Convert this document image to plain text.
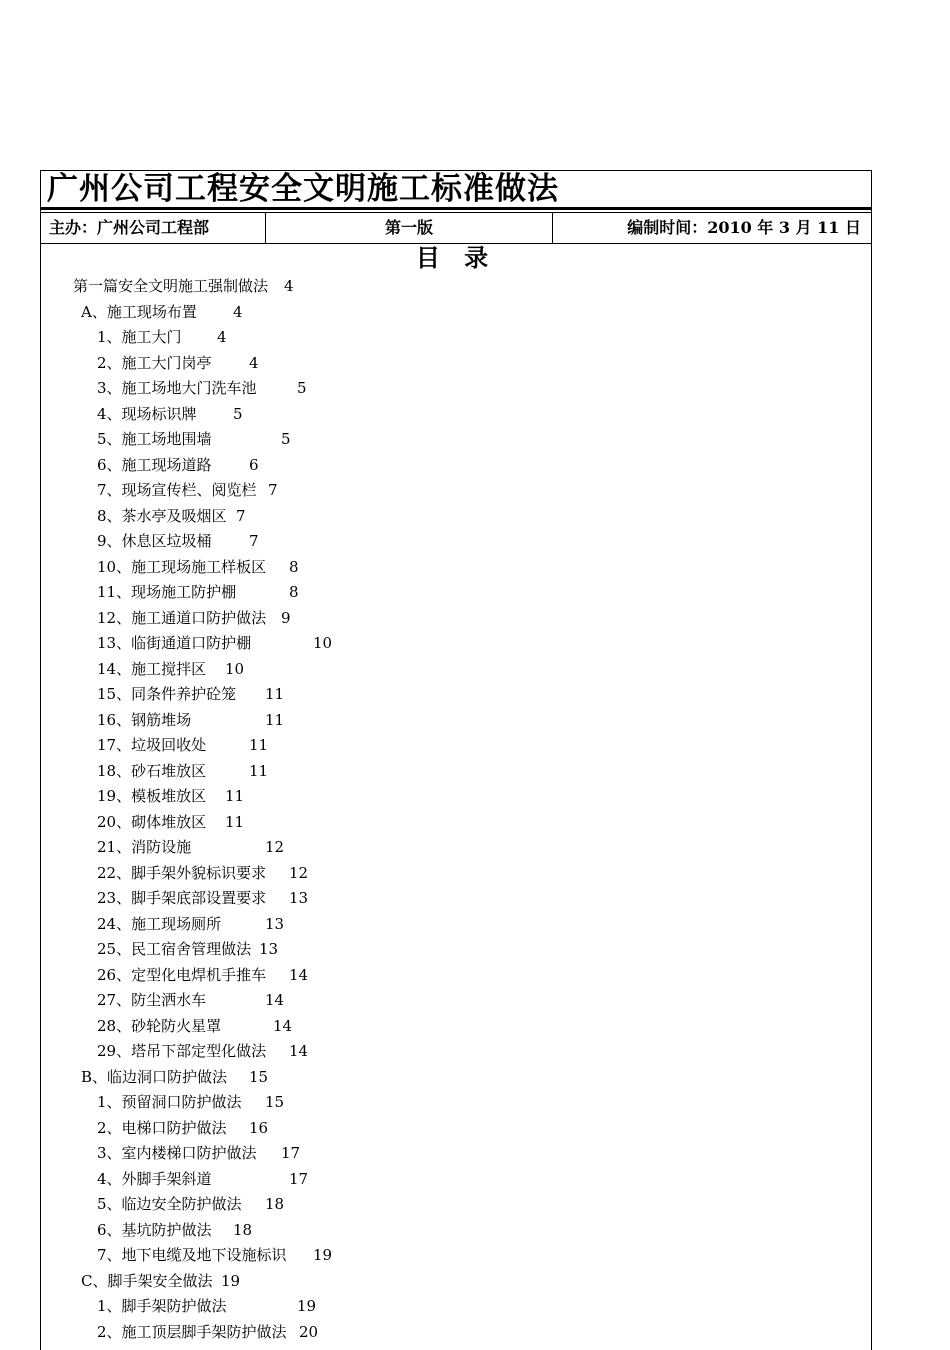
广州公司工程安全文明施工标准做法
主办：广州公司工程部	第一版	编制时间：2010 年 3 月 11 日
目 录
第一篇安全文明施工强制做法 4
A、施工现场布置 4
1、施工大门 4
2、施工大门岗亭 4
3、施工场地大门洗车池	5
4、现场标识牌 5
5、施工场地围墙	5
6、施工现场道路 6
7、现场宣传栏、阅览栏 7
8、茶水亭及吸烟区 7
9、休息区垃圾桶 7
10、施工现场施工样板区 8
11、现场施工防护棚	8
12、施工通道口防护做法 9
13、临街通道口防护棚	10
14、施工搅拌区 10
15、同条件养护砼笼 11
16、钢筋堆场	11
17、垃圾回收处	11
18、砂石堆放区	11
19、模板堆放区 11
20、砌体堆放区 11
21、消防设施	12
22、脚手架外貌标识要求 12
23、脚手架底部设置要求 13
24、施工现场厕所	13
25、民工宿舍管理做法 13
26、定型化电焊机手推车 14
27、防尘洒水车	14
28、砂轮防火星罩	14
29、塔吊下部定型化做法 14
B、临边洞口防护做法 15
1、预留洞口防护做法 15
2、电梯口防护做法 16
3、室内楼梯口防护做法 17
4、外脚手架斜道	17
5、临边安全防护做法 18
6、基坑防护做法 18
7、地下电缆及地下设施标识 19
C、脚手架安全做法 19
1、脚手架防护做法	19
2、施工顶层脚手架防护做法 20
